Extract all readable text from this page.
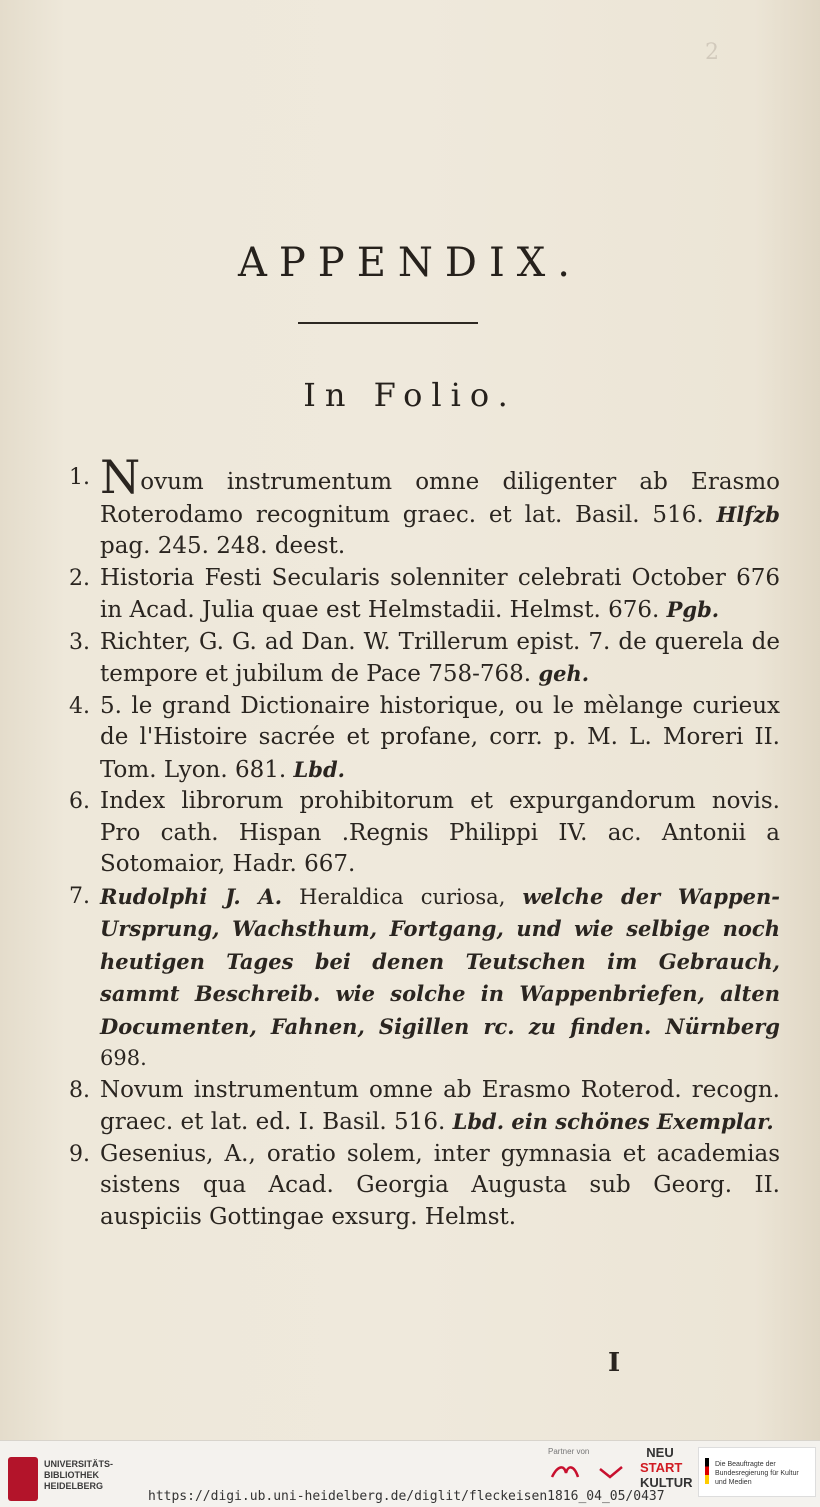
2
APPENDIX.
In Folio.
1. Novum instrumentum omne diligenter ab Erasmo Roterodamo recognitum graec. et lat. Basil. 516. Hlfzb pag. 245. 248. deest.
2. Historia Festi Secularis solenniter celebrati October 676 in Acad. Julia quae est Helmstadii. Helmst. 676. Pgb.
3. Richter, G. G. ad Dan. W. Trillerum epist. 7. de querela de tempore et jubilum de Pace 758-768. geh.
4. 5. le grand Dictionaire historique, ou le mèlange curieux de l'Histoire sacrée et profane, corr. p. M. L. Moreri II. Tom. Lyon. 681. Lbd.
6. Index librorum prohibitorum et expurgandorum novis. Pro cath. Hispan .Regnis Philippi IV. ac. Antonii a Sotomaior, Hadr. 667.
7. Rudolphi J. A. Heraldica curiosa, welche der Wappen-Ursprung, Wachsthum, Fortgang, und wie selbige noch heutigen Tages bei denen Teutschen im Gebrauch, sammt Beschreib. wie solche in Wappenbriefen, alten Documenten, Fahnen, Sigillen rc. zu finden. Nürnberg 698.
8. Novum instrumentum omne ab Erasmo Roterod. recogn. graec. et lat. ed. I. Basil. 516. Lbd. ein schönes Exemplar.
9. Gesenius, A., oratio solem, inter gymnasia et academias sistens qua Acad. Georgia Augusta sub Georg. II. auspiciis Gottingae exsurg. Helmst.
I
UNIVERSITÄTS-
BIBLIOTHEK
HEIDELBERG
https://digi.ub.uni-heidelberg.de/diglit/fleckeisen1816_04_05/0437
Partner von	NEU
START
KULTUR
Die Beauftragte der Bundesregierung für Kultur und Medien
